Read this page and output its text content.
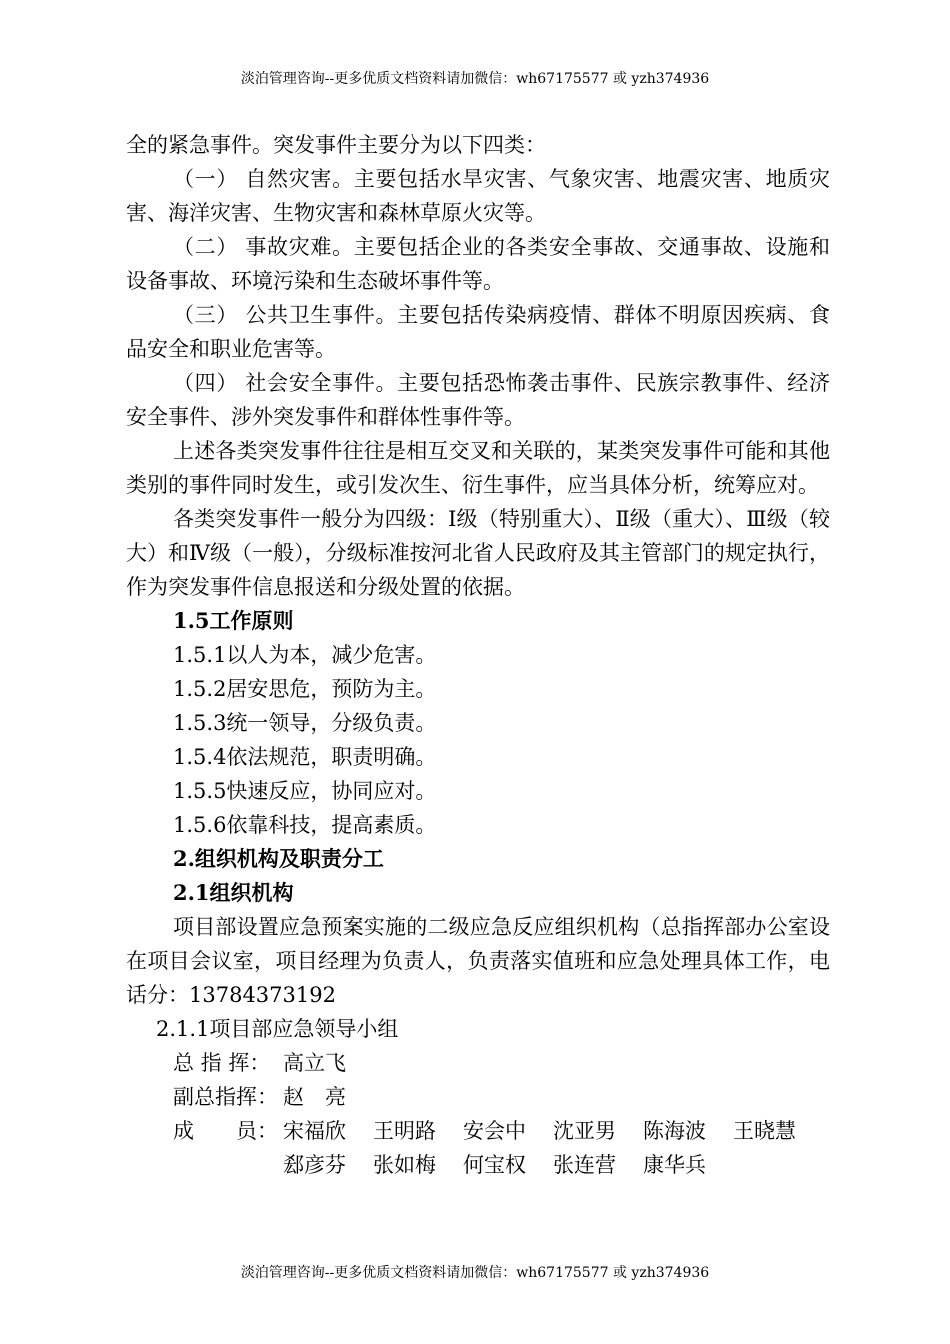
淡泊管理咨询--更多优质文档资料请加微信：wh67175577 或 yzh374936

全的紧急事件。突发事件主要分为以下四类：

（一） 自然灾害。主要包括水旱灾害、气象灾害、地震灾害、地质灾害、海洋灾害、生物灾害和森林草原火灾等。

（二） 事故灾难。主要包括企业的各类安全事故、交通事故、设施和设备事故、环境污染和生态破坏事件等。

（三） 公共卫生事件。主要包括传染病疫情、群体不明原因疾病、食品安全和职业危害等。

（四） 社会安全事件。主要包括恐怖袭击事件、民族宗教事件、经济安全事件、涉外突发事件和群体性事件等。

上述各类突发事件往往是相互交叉和关联的，某类突发事件可能和其他类别的事件同时发生，或引发次生、衍生事件，应当具体分析，统筹应对。

各类突发事件一般分为四级：Ⅰ级（特别重大）、Ⅱ级（重大）、Ⅲ级（较大）和Ⅳ级（一般），分级标准按河北省人民政府及其主管部门的规定执行，作为突发事件信息报送和分级处置的依据。

1.5工作原则

1.5.1以人为本，减少危害。

1.5.2居安思危，预防为主。

1.5.3统一领导，分级负责。

1.5.4依法规范，职责明确。

1.5.5快速反应，协同应对。

1.5.6依靠科技，提高素质。

2.组织机构及职责分工

2.1组织机构

项目部设置应急预案实施的二级应急反应组织机构（总指挥部办公室设在项目会议室，项目经理为负责人，负责落实值班和应急处理具体工作，电话分：13784373192

2.1.1项目部应急领导小组

总 指 挥： 高立飞
副总指挥： 赵　亮
成　　员： 宋福欣 王明路 安会中 沈亚男 陈海波 王晓慧
郄彦芬 张如梅 何宝权 张连营 康华兵
淡泊管理咨询--更多优质文档资料请加微信：wh67175577 或 yzh374936
